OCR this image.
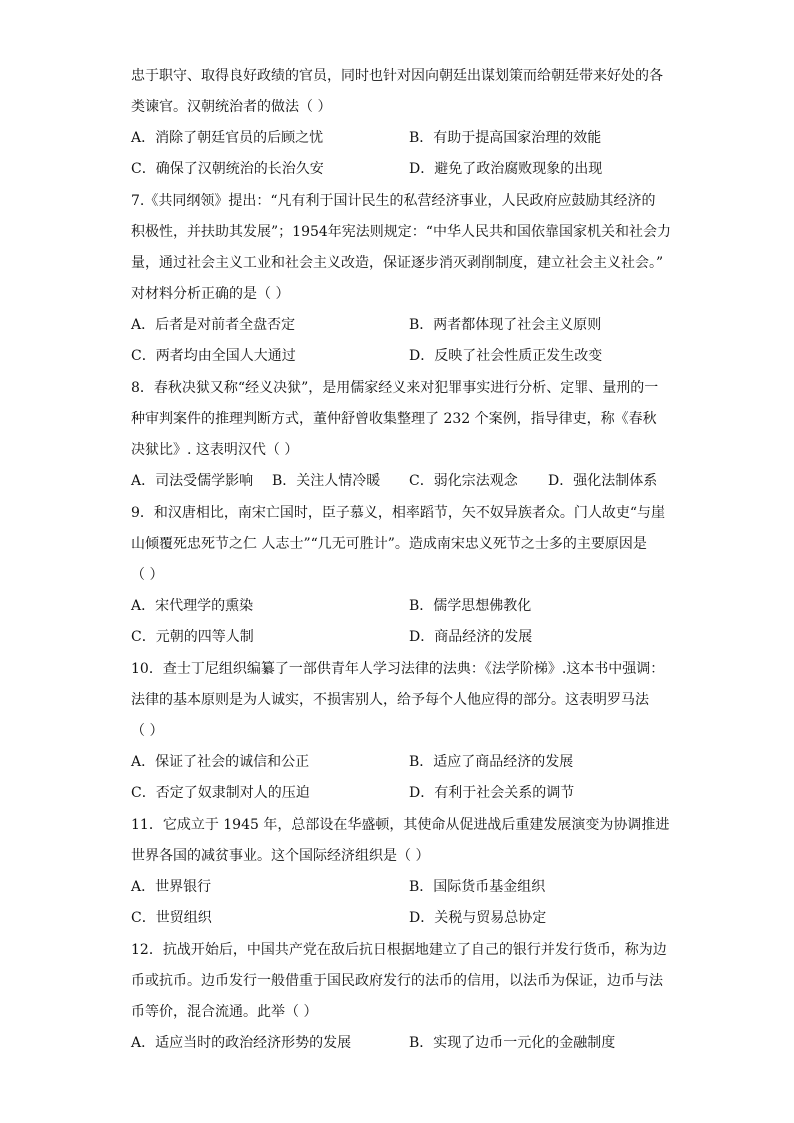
忠于职守、取得良好政绩的官员，同时也针对因向朝廷出谋划策而给朝廷带来好处的各
类谏官。汉朝统治者的做法（ ）
A．消除了朝廷官员的后顾之忧	B．有助于提高国家治理的效能
C．确保了汉朝统治的长治久安	D．避免了政治腐败现象的出现
7.《共同纲领》提出：“凡有利于国计民生的私营经济事业，人民政府应鼓励其经济的
积极性，并扶助其发展”；1954年宪法则规定：“中华人民共和国依靠国家机关和社会力
量，通过社会主义工业和社会主义改造，保证逐步消灭剥削制度，建立社会主义社会。”
对材料分析正确的是（ ）
A．后者是对前者全盘否定	B．两者都体现了社会主义原则
C．两者均由全国人大通过	D．反映了社会性质正发生改变
8．春秋决狱又称“经义决狱”，是用儒家经义来对犯罪事实进行分析、定罪、量刑的一
种审判案件的推理判断方式，董仲舒曾收集整理了 232 个案例，指导律吏，称《春秋
决狱比》. 这表明汉代（ ）
A．司法受儒学影响 B．关注人情冷暖 C．弱化宗法观念 D．强化法制体系
9．和汉唐相比，南宋亡国时，臣子慕义，相率蹈节，矢不奴异族者众。门人故吏“与崖
山倾覆死忠死节之仁 人志士”“几无可胜计”。造成南宋忠义死节之士多的主要原因是
（ ）
A．宋代理学的熏染	B．儒学思想佛教化
C．元朝的四等人制	D．商品经济的发展
10．查士丁尼组织编纂了一部供青年人学习法律的法典：《法学阶梯》.这本书中强调：
法律的基本原则是为人诚实，不损害别人，给予每个人他应得的部分。这表明罗马法
（ ）
A．保证了社会的诚信和公正	B．适应了商品经济的发展
C．否定了奴隶制对人的压迫	D．有利于社会关系的调节
11．它成立于 1945 年，总部设在华盛顿，其使命从促进战后重建发展演变为协调推进
世界各国的减贫事业。这个国际经济组织是（ ）
A．世界银行	B．国际货币基金组织
C．世贸组织	D．关税与贸易总协定
12．抗战开始后，中国共产党在敌后抗日根据地建立了自己的银行并发行货币，称为边
币或抗币。边币发行一般借重于国民政府发行的法币的信用，以法币为保证，边币与法
币等价，混合流通。此举（ ）
A．适应当时的政治经济形势的发展	B．实现了边币一元化的金融制度
